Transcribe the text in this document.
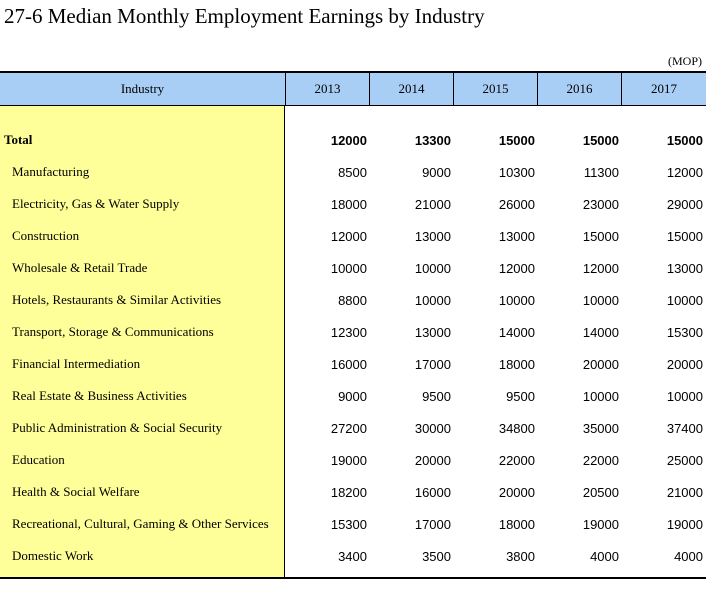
27-6 Median Monthly Employment Earnings by Industry
(MOP)
Industry	2013	2014	2015	2016	2017
Total	12000	13300	15000	15000	15000
Manufacturing	8500	9000	10300	11300	12000
Electricity, Gas & Water Supply	18000	21000	26000	23000	29000
Construction	12000	13000	13000	15000	15000
Wholesale & Retail Trade	10000	10000	12000	12000	13000
Hotels, Restaurants & Similar Activities	8800	10000	10000	10000	10000
Transport, Storage & Communications	12300	13000	14000	14000	15300
Financial Intermediation	16000	17000	18000	20000	20000
Real Estate & Business Activities	9000	9500	9500	10000	10000
Public Administration & Social Security	27200	30000	34800	35000	37400
Education	19000	20000	22000	22000	25000
Health & Social Welfare	18200	16000	20000	20500	21000
Recreational, Cultural, Gaming & Other Services	15300	17000	18000	19000	19000
Domestic Work	3400	3500	3800	4000	4000
